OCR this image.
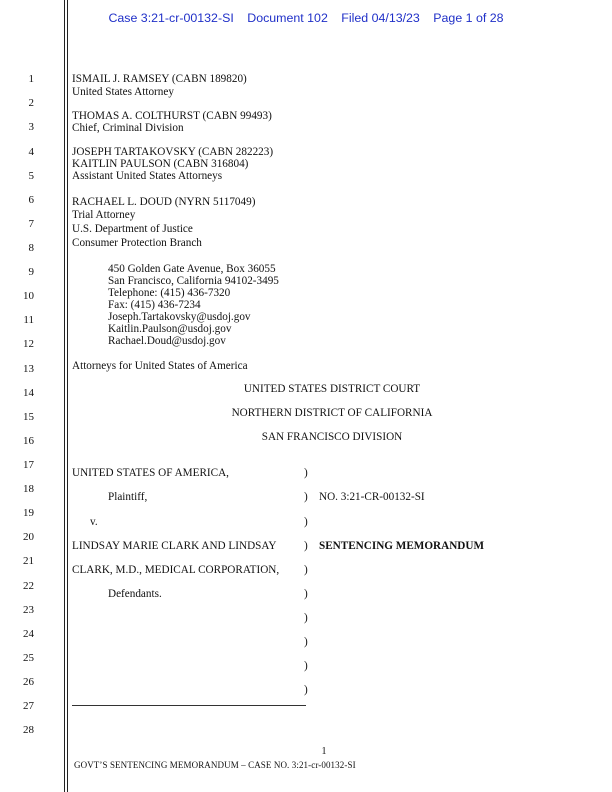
Case 3:21-cr-00132-SI Document 102 Filed 04/13/23 Page 1 of 28
1
2
3
4
5
6
7
8
9
10
11
12
13
14
15
16
17
18
19
20
21
22
23
24
25
26
27
28
ISMAIL J. RAMSEY (CABN 189820)
United States Attorney
THOMAS A. COLTHURST (CABN 99493)
Chief, Criminal Division
JOSEPH TARTAKOVSKY (CABN 282223)
KAITLIN PAULSON (CABN 316804)
Assistant United States Attorneys
RACHAEL L. DOUD (NYRN 5117049)
Trial Attorney
U.S. Department of Justice
Consumer Protection Branch
450 Golden Gate Avenue, Box 36055
San Francisco, California 94102-3495
Telephone: (415) 436-7320
Fax: (415) 436-7234
Joseph.Tartakovsky@usdoj.gov
Kaitlin.Paulson@usdoj.gov
Rachael.Doud@usdoj.gov
Attorneys for United States of America
UNITED STATES DISTRICT COURT
NORTHERN DISTRICT OF CALIFORNIA
SAN FRANCISCO DIVISION
UNITED STATES OF AMERICA,
Plaintiff,
v.
LINDSAY MARIE CLARK AND LINDSAY
CLARK, M.D., MEDICAL CORPORATION,
Defendants.
)
)
)
)
)
)
)
)
)
)
NO. 3:21-CR-00132-SI
SENTENCING MEMORANDUM
1
GOVT’S SENTENCING MEMORANDUM – CASE NO. 3:21-cr-00132-SI
